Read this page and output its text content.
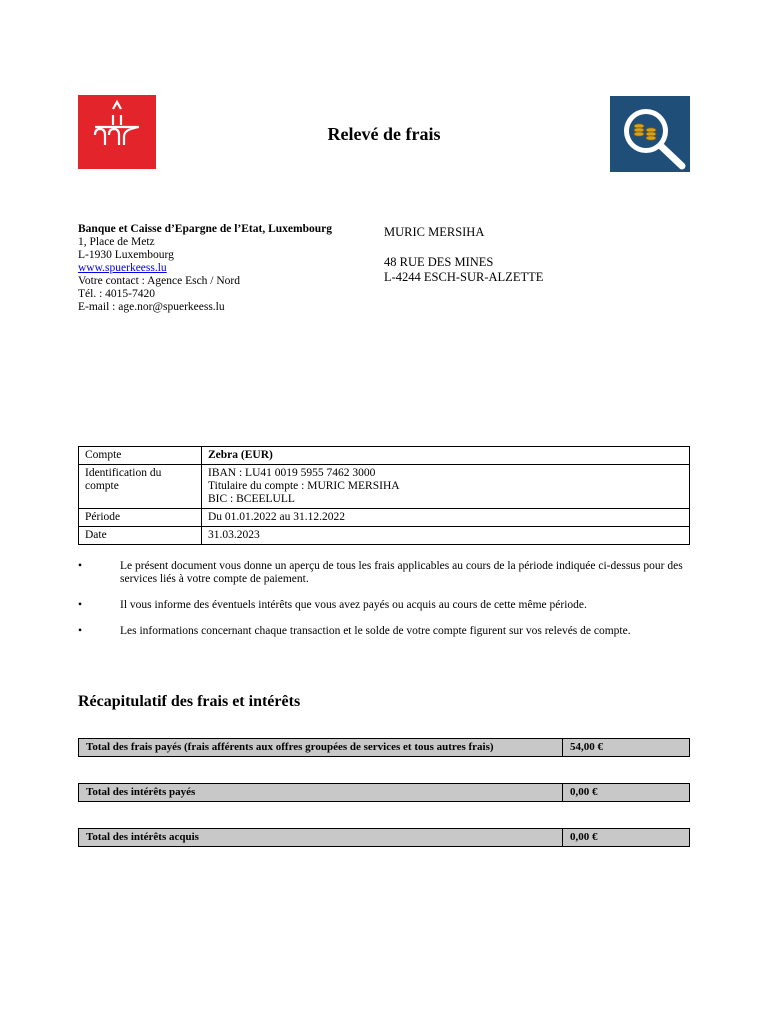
Relevé de frais
Banque et Caisse d’Epargne de l’Etat, Luxembourg
1, Place de Metz
L-1930 Luxembourg
www.spuerkeess.lu
Votre contact : Agence Esch / Nord
Tél. : 4015-7420
E-mail : age.nor@spuerkeess.lu
MURIC MERSIHA
48 RUE DES MINES
L-4244 ESCH-SUR-ALZETTE
Compte	Zebra (EUR)
Identification du compte	IBAN : LU41 0019 5955 7462 3000
Titulaire du compte : MURIC MERSIHA
BIC : BCEELULL

Période	Du 01.01.2022 au 31.12.2022
Date	31.03.2023
•	Le présent document vous donne un aperçu de tous les frais applicables au cours de la période indiquée ci-dessus pour des services liés à votre compte de paiement.
•	Il vous informe des éventuels intérêts que vous avez payés ou acquis au cours de cette même période.
•	Les informations concernant chaque transaction et le solde de votre compte figurent sur vos relevés de compte.
Récapitulatif des frais et intérêts
Total des frais payés (frais afférents aux offres groupées de services et tous autres frais)	54,00 €
Total des intérêts payés	0,00 €
Total des intérêts acquis	0,00 €
